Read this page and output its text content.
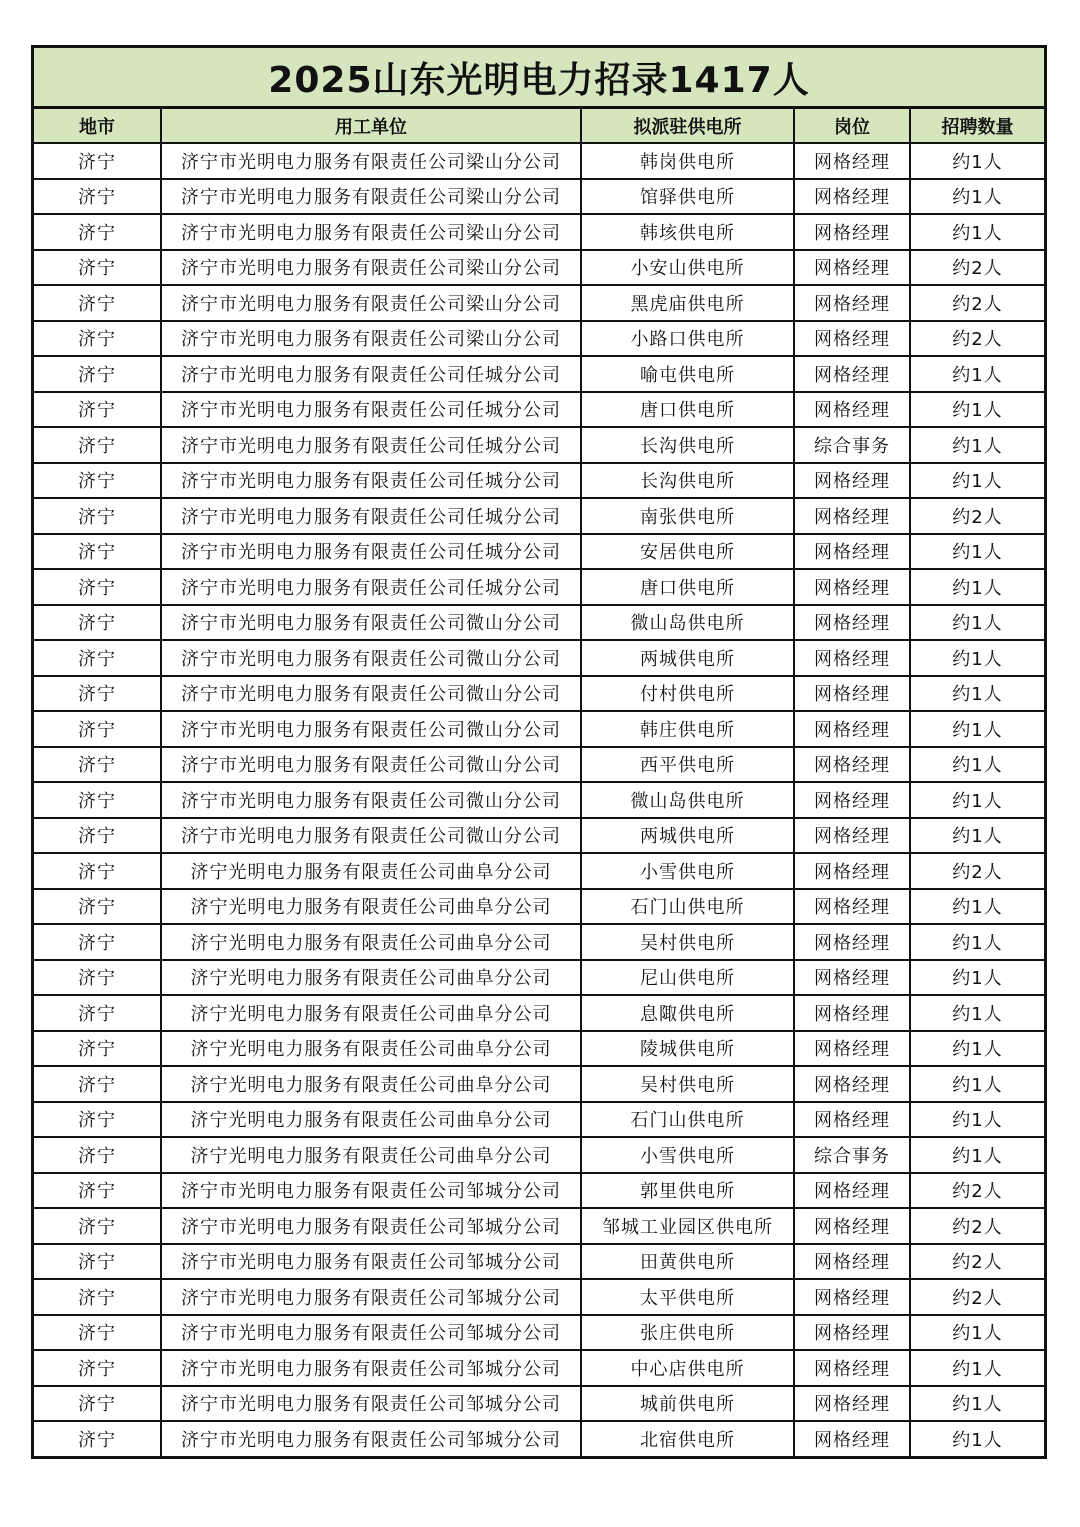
2025山东光明电力招录1417人
地市	用工单位	拟派驻供电所	岗位	招聘数量
济宁	济宁市光明电力服务有限责任公司梁山分公司	韩岗供电所	网格经理	约1人
济宁	济宁市光明电力服务有限责任公司梁山分公司	馆驿供电所	网格经理	约1人
济宁	济宁市光明电力服务有限责任公司梁山分公司	韩垓供电所	网格经理	约1人
济宁	济宁市光明电力服务有限责任公司梁山分公司	小安山供电所	网格经理	约2人
济宁	济宁市光明电力服务有限责任公司梁山分公司	黑虎庙供电所	网格经理	约2人
济宁	济宁市光明电力服务有限责任公司梁山分公司	小路口供电所	网格经理	约2人
济宁	济宁市光明电力服务有限责任公司任城分公司	喻屯供电所	网格经理	约1人
济宁	济宁市光明电力服务有限责任公司任城分公司	唐口供电所	网格经理	约1人
济宁	济宁市光明电力服务有限责任公司任城分公司	长沟供电所	综合事务	约1人
济宁	济宁市光明电力服务有限责任公司任城分公司	长沟供电所	网格经理	约1人
济宁	济宁市光明电力服务有限责任公司任城分公司	南张供电所	网格经理	约2人
济宁	济宁市光明电力服务有限责任公司任城分公司	安居供电所	网格经理	约1人
济宁	济宁市光明电力服务有限责任公司任城分公司	唐口供电所	网格经理	约1人
济宁	济宁市光明电力服务有限责任公司微山分公司	微山岛供电所	网格经理	约1人
济宁	济宁市光明电力服务有限责任公司微山分公司	两城供电所	网格经理	约1人
济宁	济宁市光明电力服务有限责任公司微山分公司	付村供电所	网格经理	约1人
济宁	济宁市光明电力服务有限责任公司微山分公司	韩庄供电所	网格经理	约1人
济宁	济宁市光明电力服务有限责任公司微山分公司	西平供电所	网格经理	约1人
济宁	济宁市光明电力服务有限责任公司微山分公司	微山岛供电所	网格经理	约1人
济宁	济宁市光明电力服务有限责任公司微山分公司	两城供电所	网格经理	约1人
济宁	济宁光明电力服务有限责任公司曲阜分公司	小雪供电所	网格经理	约2人
济宁	济宁光明电力服务有限责任公司曲阜分公司	石门山供电所	网格经理	约1人
济宁	济宁光明电力服务有限责任公司曲阜分公司	吴村供电所	网格经理	约1人
济宁	济宁光明电力服务有限责任公司曲阜分公司	尼山供电所	网格经理	约1人
济宁	济宁光明电力服务有限责任公司曲阜分公司	息陬供电所	网格经理	约1人
济宁	济宁光明电力服务有限责任公司曲阜分公司	陵城供电所	网格经理	约1人
济宁	济宁光明电力服务有限责任公司曲阜分公司	吴村供电所	网格经理	约1人
济宁	济宁光明电力服务有限责任公司曲阜分公司	石门山供电所	网格经理	约1人
济宁	济宁光明电力服务有限责任公司曲阜分公司	小雪供电所	综合事务	约1人
济宁	济宁市光明电力服务有限责任公司邹城分公司	郭里供电所	网格经理	约2人
济宁	济宁市光明电力服务有限责任公司邹城分公司	邹城工业园区供电所	网格经理	约2人
济宁	济宁市光明电力服务有限责任公司邹城分公司	田黄供电所	网格经理	约2人
济宁	济宁市光明电力服务有限责任公司邹城分公司	太平供电所	网格经理	约2人
济宁	济宁市光明电力服务有限责任公司邹城分公司	张庄供电所	网格经理	约1人
济宁	济宁市光明电力服务有限责任公司邹城分公司	中心店供电所	网格经理	约1人
济宁	济宁市光明电力服务有限责任公司邹城分公司	城前供电所	网格经理	约1人
济宁	济宁市光明电力服务有限责任公司邹城分公司	北宿供电所	网格经理	约1人
